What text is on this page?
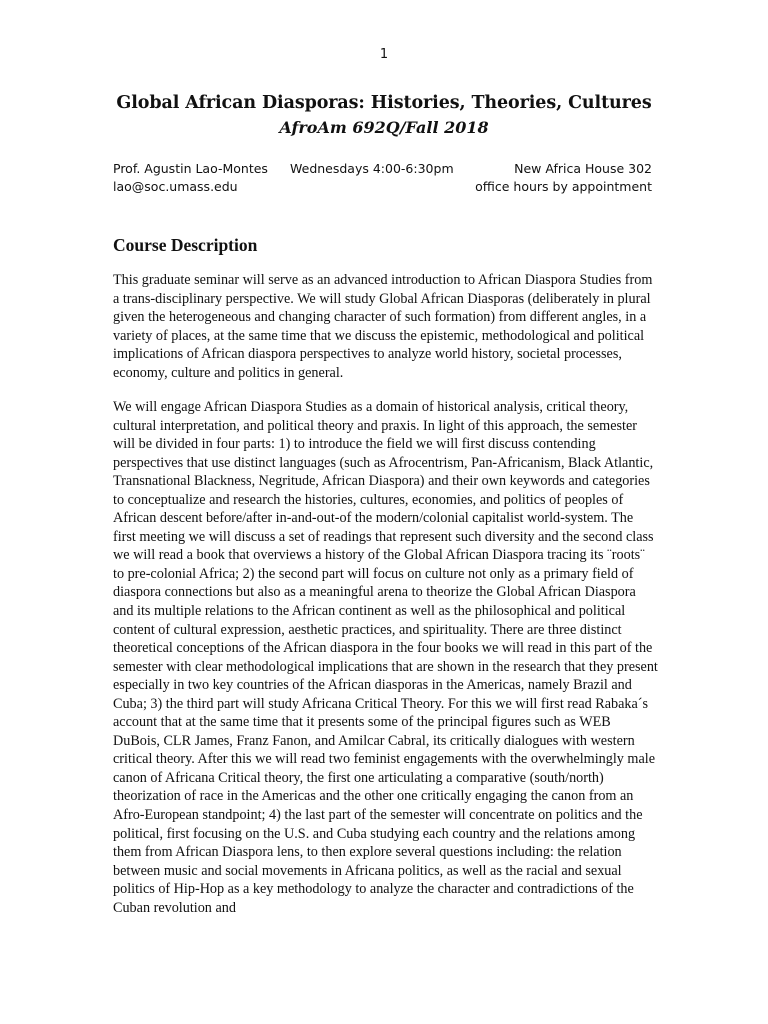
1
Global African Diasporas: Histories, Theories, Cultures
AfroAm 692Q/Fall 2018
Prof. Agustin Lao-Montes Wednesdays 4:00-6:30pm	New Africa House 302
lao@soc.umass.edu	office hours by appointment
Course Description

This graduate seminar will serve as an advanced introduction to African Diaspora Studies from a trans-disciplinary perspective. We will study Global African Diasporas (deliberately in plural given the heterogeneous and changing character of such formation) from different angles, in a variety of places, at the same time that we discuss the epistemic, methodological and political implications of African diaspora perspectives to analyze world history, societal processes, economy, culture and politics in general.

We will engage African Diaspora Studies as a domain of historical analysis, critical theory, cultural interpretation, and political theory and praxis. In light of this approach, the semester will be divided in four parts: 1) to introduce the field we will first discuss contending perspectives that use distinct languages (such as Afrocentrism, Pan-Africanism, Black Atlantic, Transnational Blackness, Negritude, African Diaspora) and their own keywords and categories to conceptualize and research the histories, cultures, economies, and politics of peoples of African descent before/after in-and-out-of the modern/colonial capitalist world-system. The first meeting we will discuss a set of readings that represent such diversity and the second class we will read a book that overviews a history of the Global African Diaspora tracing its ¨roots¨ to pre-colonial Africa; 2) the second part will focus on culture not only as a primary field of diaspora connections but also as a meaningful arena to theorize the Global African Diaspora and its multiple relations to the African continent as well as the philosophical and political content of cultural expression, aesthetic practices, and spirituality. There are three distinct theoretical conceptions of the African diaspora in the four books we will read in this part of the semester with clear methodological implications that are shown in the research that they present especially in two key countries of the African diasporas in the Americas, namely Brazil and Cuba; 3) the third part will study Africana Critical Theory. For this we will first read Rabaka´s account that at the same time that it presents some of the principal figures such as WEB DuBois, CLR James, Franz Fanon, and Amilcar Cabral, its critically dialogues with western critical theory. After this we will read two feminist engagements with the overwhelmingly male canon of Africana Critical theory, the first one articulating a comparative (south/north) theorization of race in the Americas and the other one critically engaging the canon from an Afro-European standpoint; 4) the last part of the semester will concentrate on politics and the political, first focusing on the U.S. and Cuba studying each country and the relations among them from African Diaspora lens, to then explore several questions including: the relation between music and social movements in Africana politics, as well as the racial and sexual politics of Hip-Hop as a key methodology to analyze the character and contradictions of the Cuban revolution and
